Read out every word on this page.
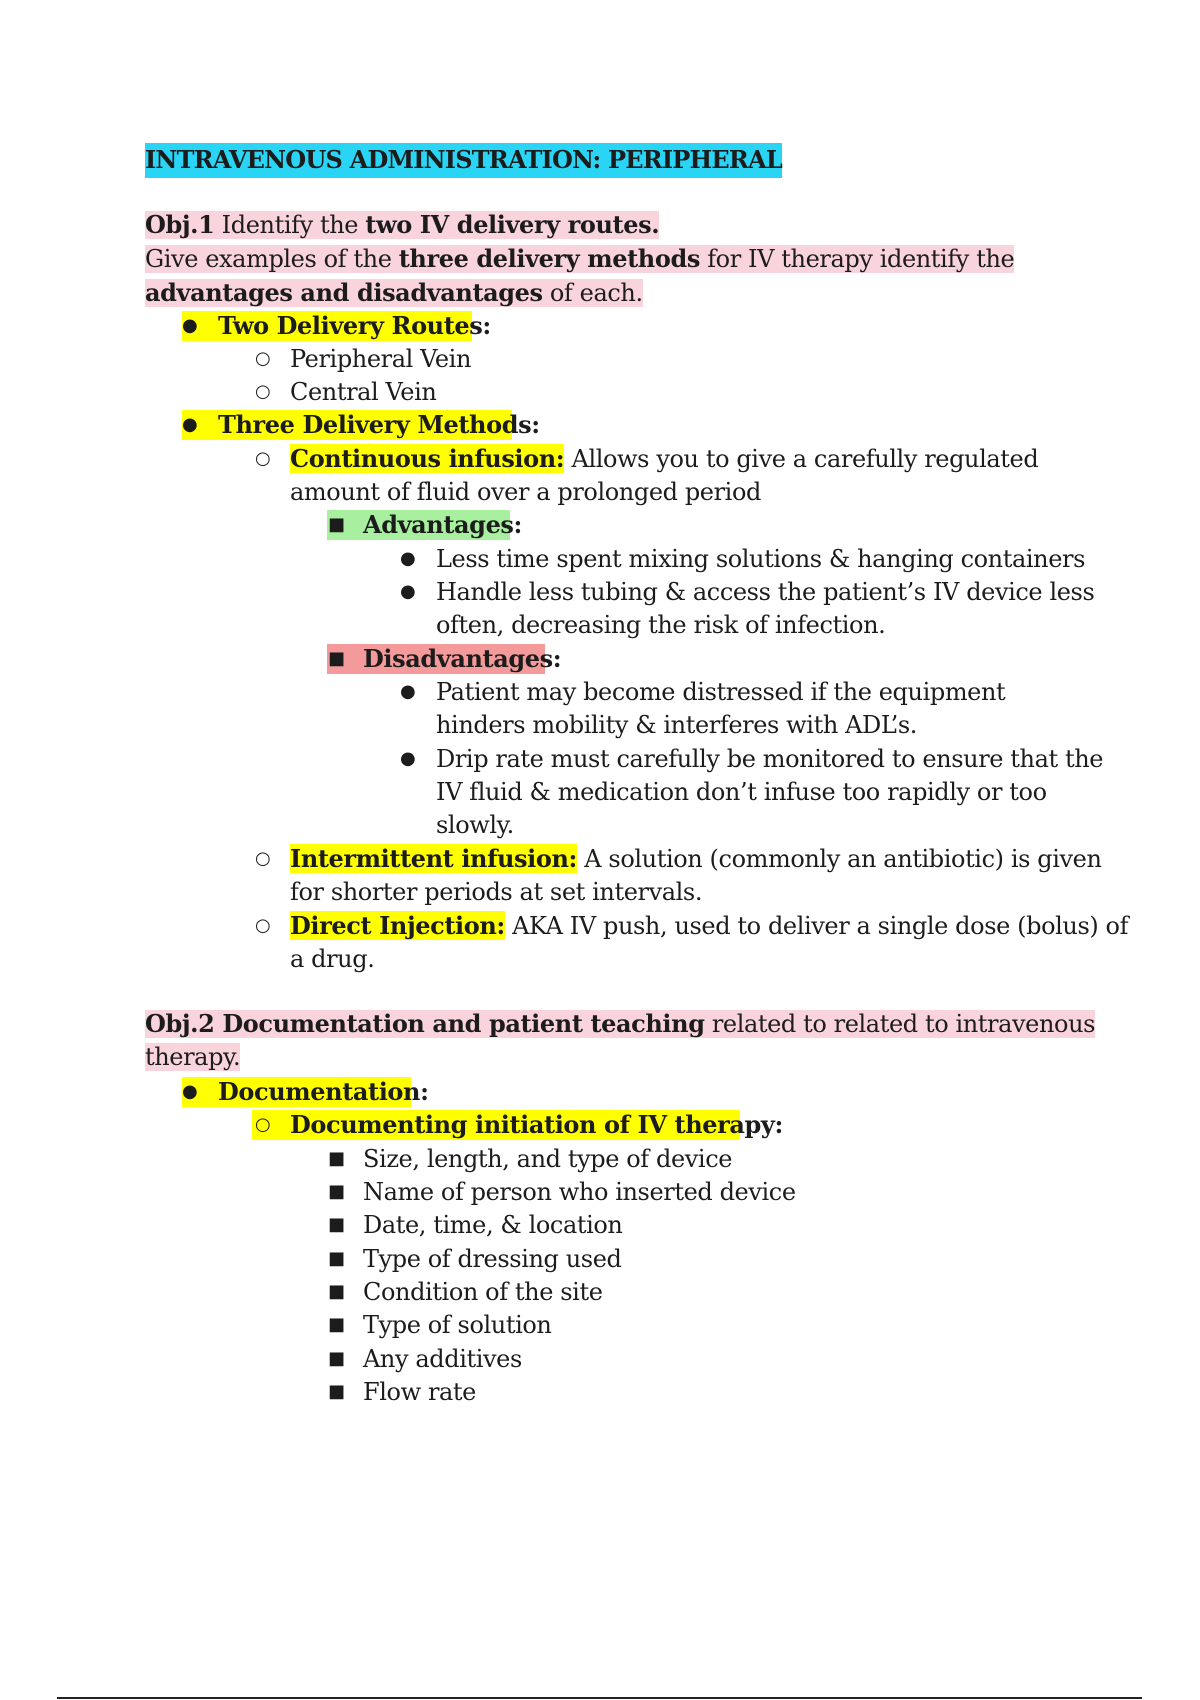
INTRAVENOUS ADMINISTRATION: PERIPHERAL
Obj.1 Identify the two IV delivery routes.
Give examples of the three delivery methods for IV therapy identify the
advantages and disadvantages of each.
● Two Delivery Routes:
○ Peripheral Vein
○ Central Vein
● Three Delivery Methods:
○ Continuous infusion: Allows you to give a carefully regulated
amount of fluid over a prolonged period
■ Advantages:
● Less time spent mixing solutions & hanging containers
● Handle less tubing & access the patient’s IV device less
often, decreasing the risk of infection.
■ Disadvantages:
● Patient may become distressed if the equipment
hinders mobility & interferes with ADL’s.
● Drip rate must carefully be monitored to ensure that the
IV fluid & medication don’t infuse too rapidly or too
slowly.
○ Intermittent infusion: A solution (commonly an antibiotic) is given
for shorter periods at set intervals.
○ Direct Injection: AKA IV push, used to deliver a single dose (bolus) of
a drug.
Obj.2 Documentation and patient teaching related to related to intravenous
therapy.
● Documentation:
○ Documenting initiation of IV therapy:
■ Size, length, and type of device
■ Name of person who inserted device
■ Date, time, & location
■ Type of dressing used
■ Condition of the site
■ Type of solution
■ Any additives
■ Flow rate
